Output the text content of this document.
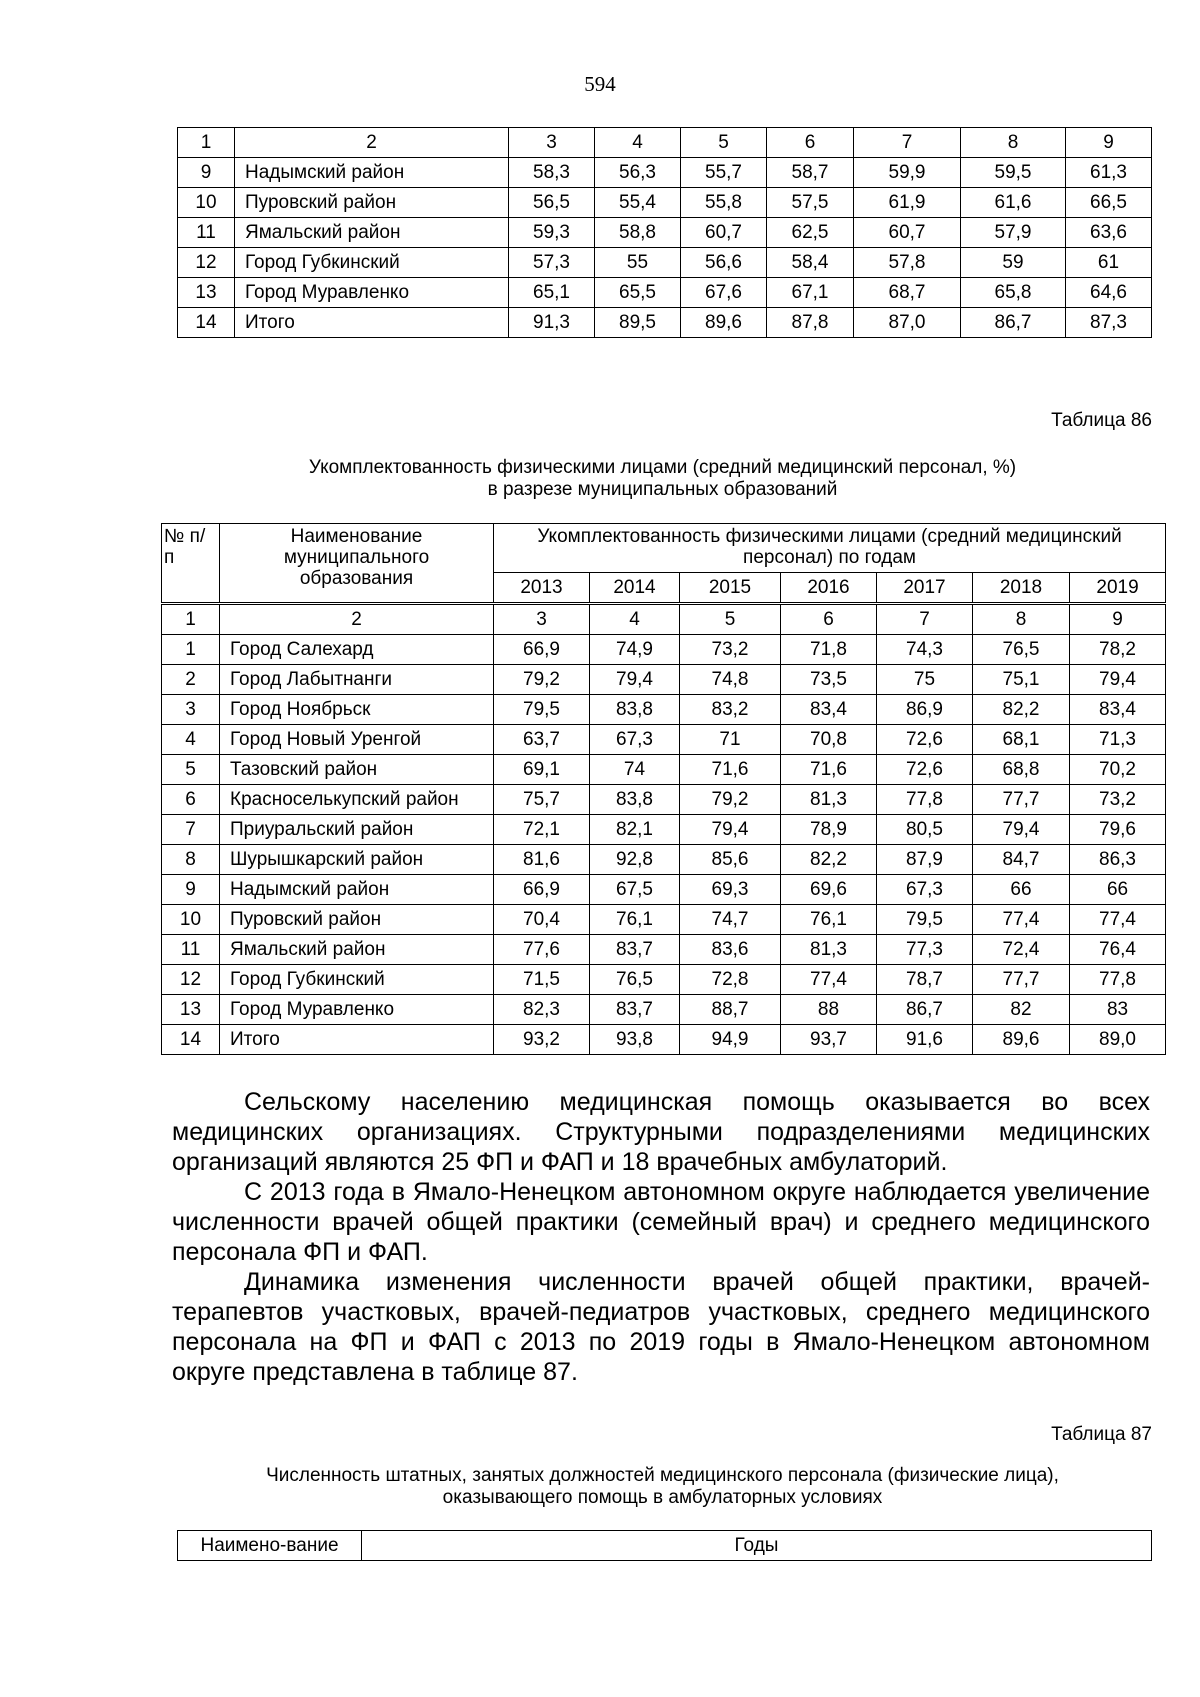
594
1	2	3	4	5	6	7	8	9
9	Надымский район	58,3	56,3	55,7	58,7	59,9	59,5	61,3
10	Пуровский район	56,5	55,4	55,8	57,5	61,9	61,6	66,5
11	Ямальский район	59,3	58,8	60,7	62,5	60,7	57,9	63,6
12	Город Губкинский	57,3	55	56,6	58,4	57,8	59	61
13	Город Муравленко	65,1	65,5	67,6	67,1	68,7	65,8	64,6
14	Итого	91,3	89,5	89,6	87,8	87,0	86,7	87,3
Таблица 86
Укомплектованность физическими лицами (средний медицинский персонал, %)
в разрезе муниципальных образований
№ п/п	Наименование муниципального образования	Укомплектованность физическими лицами (средний медицинский персонал) по годам						
		2013	2014	2015	2016	2017	2018	2019
1	2	3	4	5	6	7	8	9
1	Город Салехард	66,9	74,9	73,2	71,8	74,3	76,5	78,2
2	Город Лабытнанги	79,2	79,4	74,8	73,5	75	75,1	79,4
3	Город Ноябрьск	79,5	83,8	83,2	83,4	86,9	82,2	83,4
4	Город Новый Уренгой	63,7	67,3	71	70,8	72,6	68,1	71,3
5	Тазовский район	69,1	74	71,6	71,6	72,6	68,8	70,2
6	Красноселькупский район	75,7	83,8	79,2	81,3	77,8	77,7	73,2
7	Приуральский район	72,1	82,1	79,4	78,9	80,5	79,4	79,6
8	Шурышкарский район	81,6	92,8	85,6	82,2	87,9	84,7	86,3
9	Надымский район	66,9	67,5	69,3	69,6	67,3	66	66
10	Пуровский район	70,4	76,1	74,7	76,1	79,5	77,4	77,4
11	Ямальский район	77,6	83,7	83,6	81,3	77,3	72,4	76,4
12	Город Губкинский	71,5	76,5	72,8	77,4	78,7	77,7	77,8
13	Город Муравленко	82,3	83,7	88,7	88	86,7	82	83
14	Итого	93,2	93,8	94,9	93,7	91,6	89,6	89,0

Сельскому населению медицинская помощь оказывается во всех медицинских организациях. Структурными подразделениями медицинских организаций являются 25 ФП и ФАП и 18 врачебных амбулаторий.

С 2013 года в Ямало-Ненецком автономном округе наблюдается увеличение численности врачей общей практики (семейный врач) и среднего медицинского персонала ФП и ФАП.

Динамика изменения численности врачей общей практики, врачей-терапевтов участковых, врачей-педиатров участковых, среднего медицинского персонала на ФП и ФАП с 2013 по 2019 годы в Ямало-Ненецком автономном округе представлена в таблице 87.

Таблица 87
Численность штатных, занятых должностей медицинского персонала (физические лица),
оказывающего помощь в амбулаторных условиях
Наимено-вание	Годы
